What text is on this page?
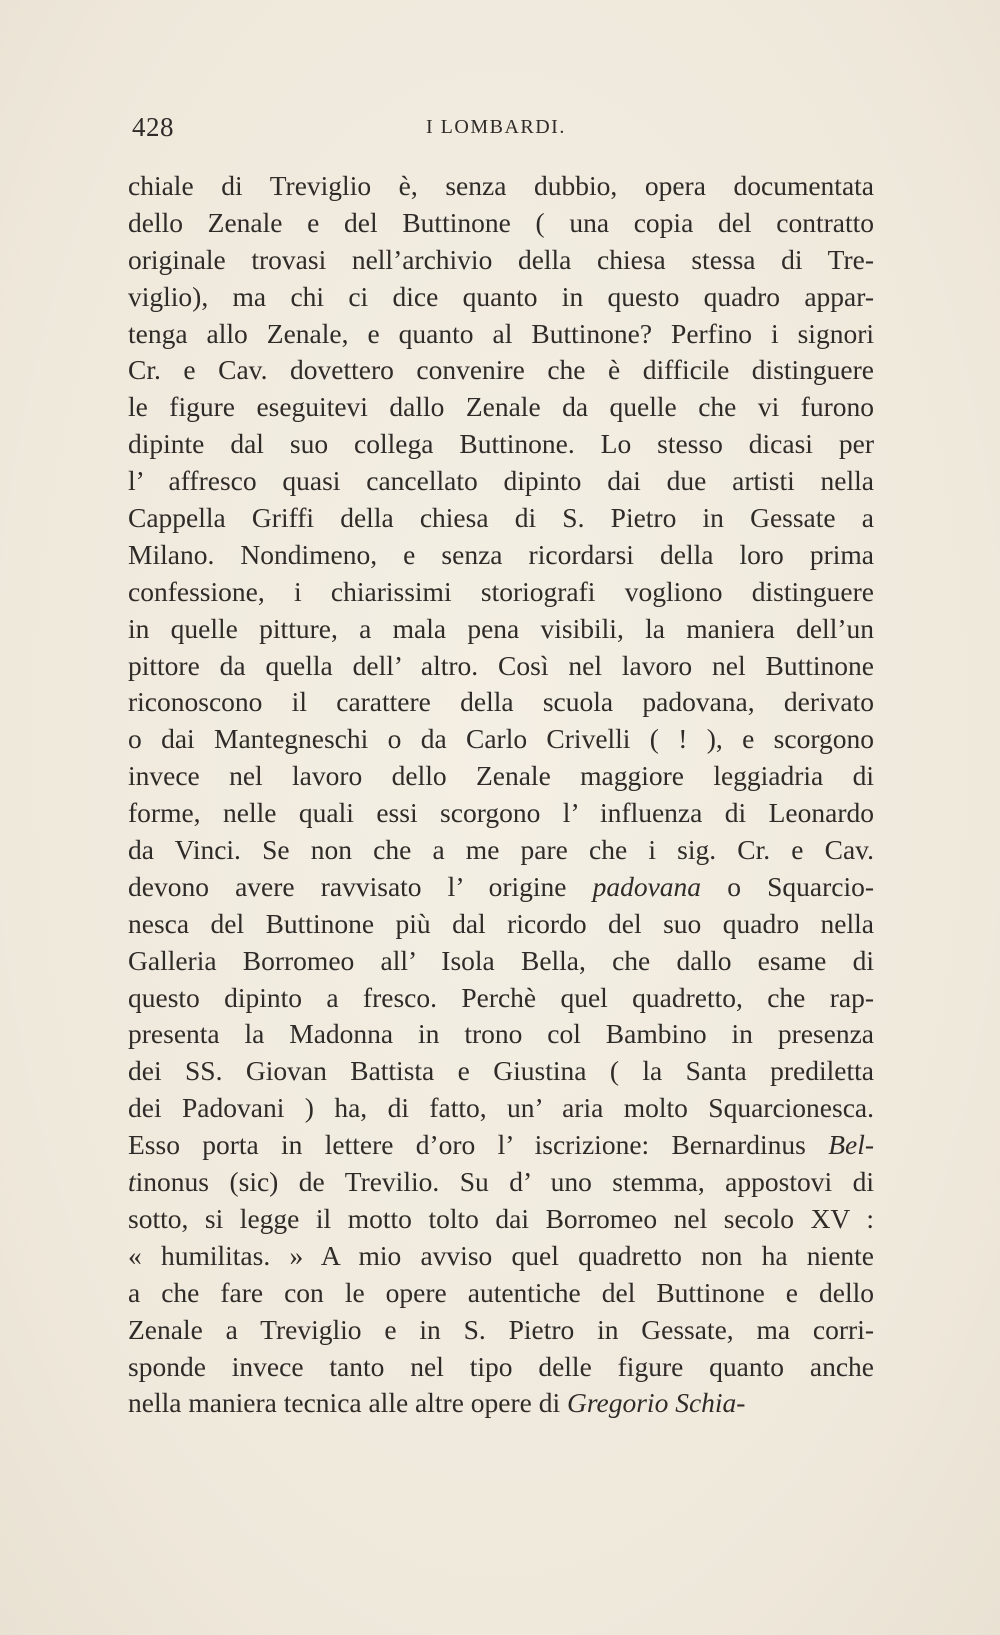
428	I LOMBARDI.
chiale di Treviglio è, senza dubbio, opera documentata
dello Zenale e del Buttinone ( una copia del contratto
originale trovasi nell’archivio della chiesa stessa di Tre-
viglio), ma chi ci dice quanto in questo quadro appar-
tenga allo Zenale, e quanto al Buttinone? Perfino i signori
Cr. e Cav. dovettero convenire che è difficile distinguere
le figure eseguitevi dallo Zenale da quelle che vi furono
dipinte dal suo collega Buttinone. Lo stesso dicasi per
l’ affresco quasi cancellato dipinto dai due artisti nella
Cappella Griffi della chiesa di S. Pietro in Gessate a
Milano. Nondimeno, e senza ricordarsi della loro prima
confessione, i chiarissimi storiografi vogliono distinguere
in quelle pitture, a mala pena visibili, la maniera dell’un
pittore da quella dell’ altro. Così nel lavoro nel Buttinone
riconoscono il carattere della scuola padovana, derivato
o dai Mantegneschi o da Carlo Crivelli ( ! ), e scorgono
invece nel lavoro dello Zenale maggiore leggiadria di
forme, nelle quali essi scorgono l’ influenza di Leonardo
da Vinci. Se non che a me pare che i sig. Cr. e Cav.
devono avere ravvisato l’ origine padovana o Squarcio-
nesca del Buttinone più dal ricordo del suo quadro nella
Galleria Borromeo all’ Isola Bella, che dallo esame di
questo dipinto a fresco. Perchè quel quadretto, che rap-
presenta la Madonna in trono col Bambino in presenza
dei SS. Giovan Battista e Giustina ( la Santa prediletta
dei Padovani ) ha, di fatto, un’ aria molto Squarcionesca.
Esso porta in lettere d’oro l’ iscrizione: Bernardinus Bel-
tinonus (sic) de Trevilio. Su d’ uno stemma, appostovi di
sotto, si legge il motto tolto dai Borromeo nel secolo XV :
« humilitas. » A mio avviso quel quadretto non ha niente
a che fare con le opere autentiche del Buttinone e dello
Zenale a Treviglio e in S. Pietro in Gessate, ma corri-
sponde invece tanto nel tipo delle figure quanto anche
nella maniera tecnica alle altre opere di Gregorio Schia-
